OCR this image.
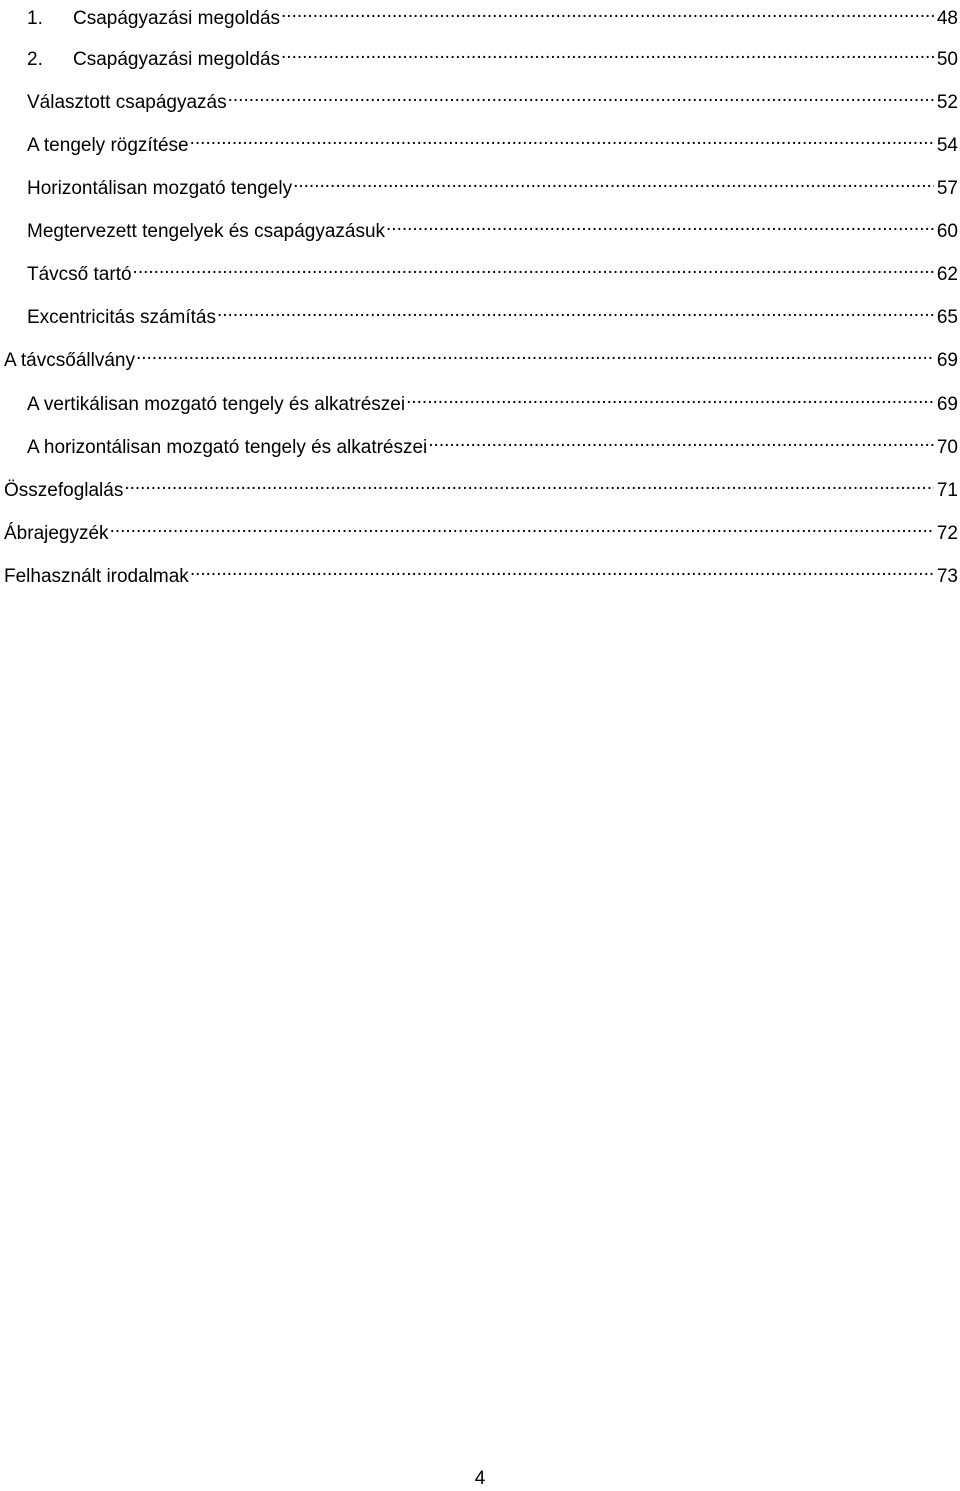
1.	Csapágyazási megoldás .....	48
2.	Csapágyazási megoldás .....	50
Választott csapágyazás .....	52
A tengely rögzítése .....	54
Horizontálisan mozgató tengely .....	57
Megtervezett tengelyek és csapágyazásuk .....	60
Távcső tartó .....	62
Excentricitás számítás .....	65
A távcsőállvány .....	69
A vertikálisan mozgató tengely és alkatrészei .....	69
A horizontálisan mozgató tengely és alkatrészei .....	70
Összefoglalás .....	71
Ábrajegyzék .....	72
Felhasznált irodalmak .....	73
4
